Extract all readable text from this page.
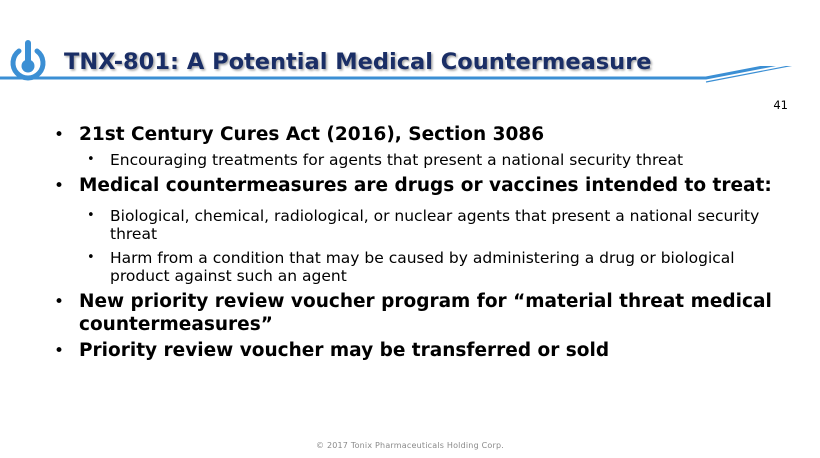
TNX-801: A Potential Medical Countermeasure
41
• 21st Century Cures Act (2016), Section 3086
• Encouraging treatments for agents that present a national security threat
• Medical countermeasures are drugs or vaccines intended to treat:
• Biological, chemical, radiological, or nuclear agents that present a national security threat
• Harm from a condition that may be caused by administering a drug or biological product against such an agent
• New priority review voucher program for “material threat medical countermeasures”
• Priority review voucher may be transferred or sold
© 2017 Tonix Pharmaceuticals Holding Corp.
